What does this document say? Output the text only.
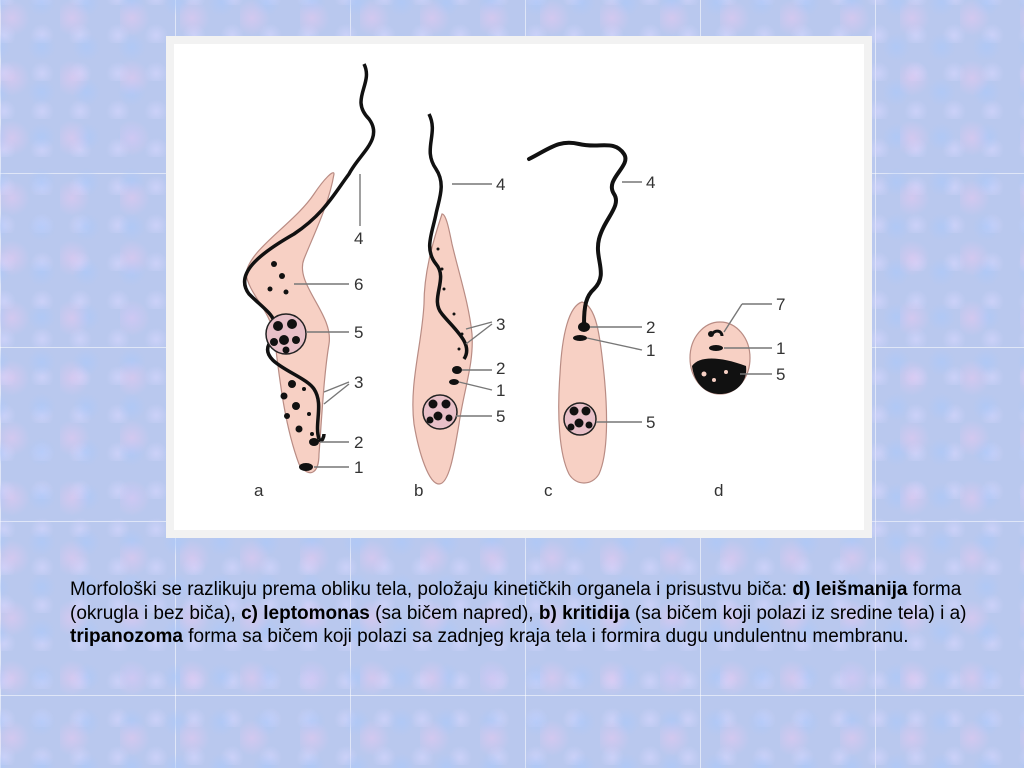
4
6
5
3
2
1
a
4
3
2
1
5
b
4
2
1
5
c
7
1
5
d
Morfološki se razlikuju prema obliku tela, položaju kinetičkih organela i prisustvu biča: d) leišmanija forma (okrugla i bez biča), c) leptomonas (sa bičem napred), b) kritidija (sa bičem koji polazi iz sredine tela) i a) tripanozoma forma sa bičem koji polazi sa zadnjeg kraja tela i formira dugu undulentnu membranu.
